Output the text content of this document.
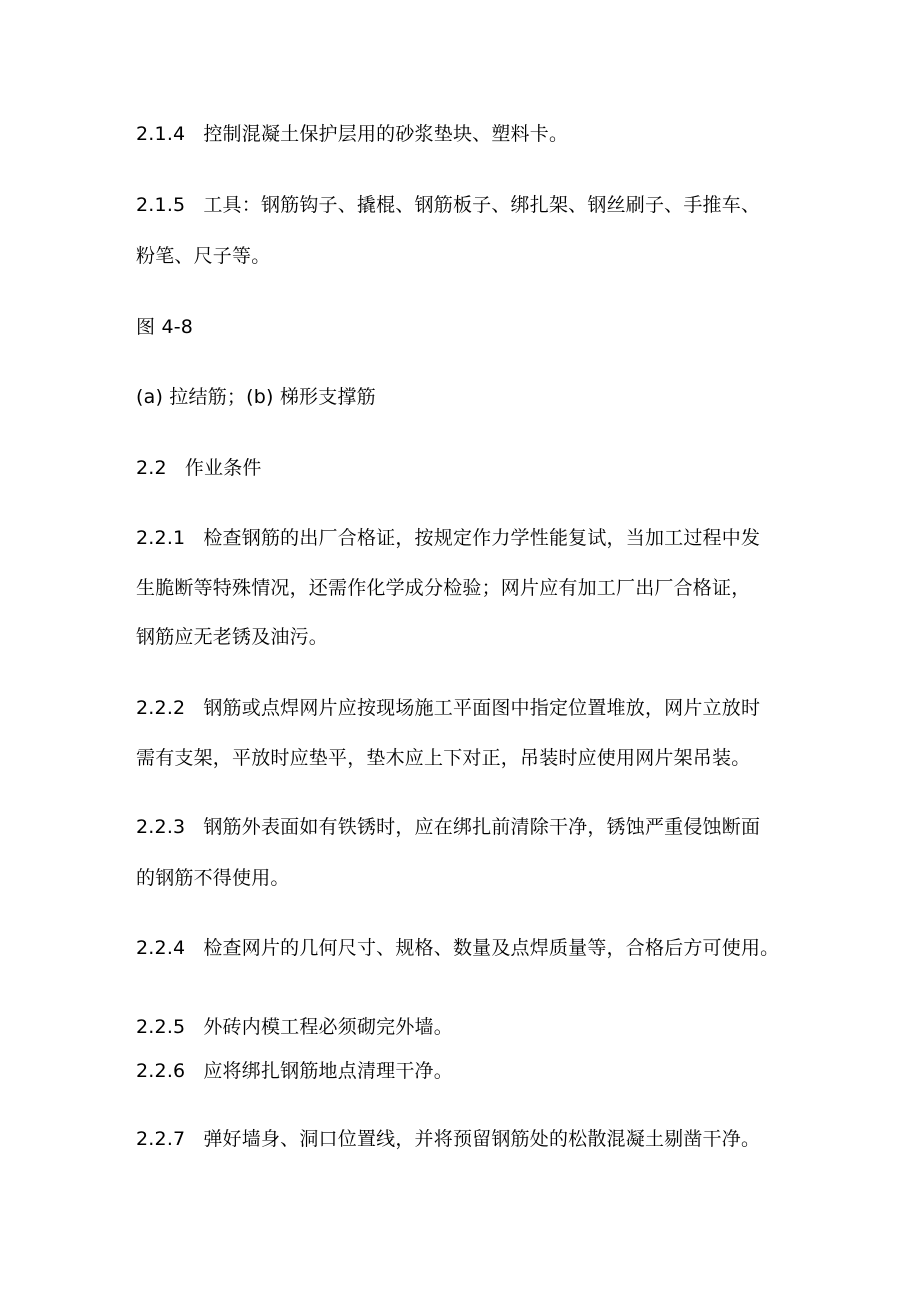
2.1.4 控制混凝土保护层用的砂浆垫块、塑料卡。
2.1.5 工具：钢筋钩子、撬棍、钢筋板子、绑扎架、钢丝刷子、手推车、
粉笔、尺子等。
图 4-8
(a) 拉结筋；(b) 梯形支撑筋
2.2 作业条件
2.2.1 检查钢筋的出厂合格证，按规定作力学性能复试，当加工过程中发
生脆断等特殊情况，还需作化学成分检验；网片应有加工厂出厂合格证，
钢筋应无老锈及油污。
2.2.2 钢筋或点焊网片应按现场施工平面图中指定位置堆放，网片立放时
需有支架，平放时应垫平，垫木应上下对正，吊装时应使用网片架吊装。
2.2.3 钢筋外表面如有铁锈时，应在绑扎前清除干净，锈蚀严重侵蚀断面
的钢筋不得使用。
2.2.4 检查网片的几何尺寸、规格、数量及点焊质量等，合格后方可使用。
2.2.5 外砖内模工程必须砌完外墙。
2.2.6 应将绑扎钢筋地点清理干净。
2.2.7 弹好墙身、洞口位置线，并将预留钢筋处的松散混凝土剔凿干净。
